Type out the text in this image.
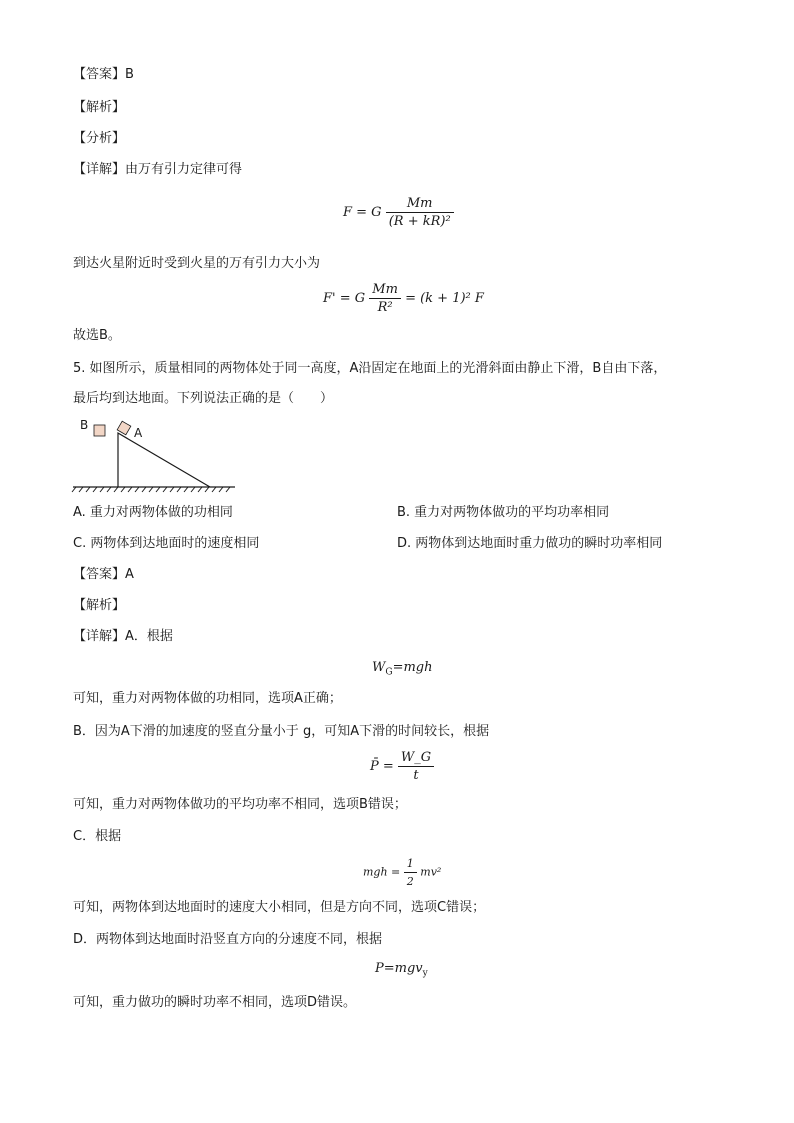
【答案】B
【解析】
【分析】
【详解】由万有引力定律可得
F = G $\frac{Mm}{\text{(R + kR)²}}$
到达火星附近时受到火星的万有引力大小为
F' = G $\frac{Mm}{\text{R²}} = (k + 1)^2$ F
故选B。
5. 如图所示，质量相同的两物体处于同一高度，A沿固定在地面上的光滑斜面由静止下滑，B自由下落，
最后均到达地面。下列说法正确的是（　　）
B
A
A. 重力对两物体做的功相同	B. 重力对两物体做功的平均功率相同
C. 两物体到达地面时的速度相同	D. 两物体到达地面时重力做功的瞬时功率相同
【答案】A
【解析】
【详解】A．根据
$W_G=mgh$
可知，重力对两物体做的功相同，选项A正确；
B．因为A下滑的加速度的竖直分量小于 g，可知A下滑的时间较长，根据
P̄ = $\frac{W\_G}{t}$
可知，重力对两物体做功的平均功率不相同，选项B错误；
C．根据
mgh = $\frac{1}{2} mv^2$
可知，两物体到达地面时的速度大小相同，但是方向不同，选项C错误；
D．两物体到达地面时沿竖直方向的分速度不同，根据
P=mgv$_y$
可知，重力做功的瞬时功率不相同，选项D错误。
